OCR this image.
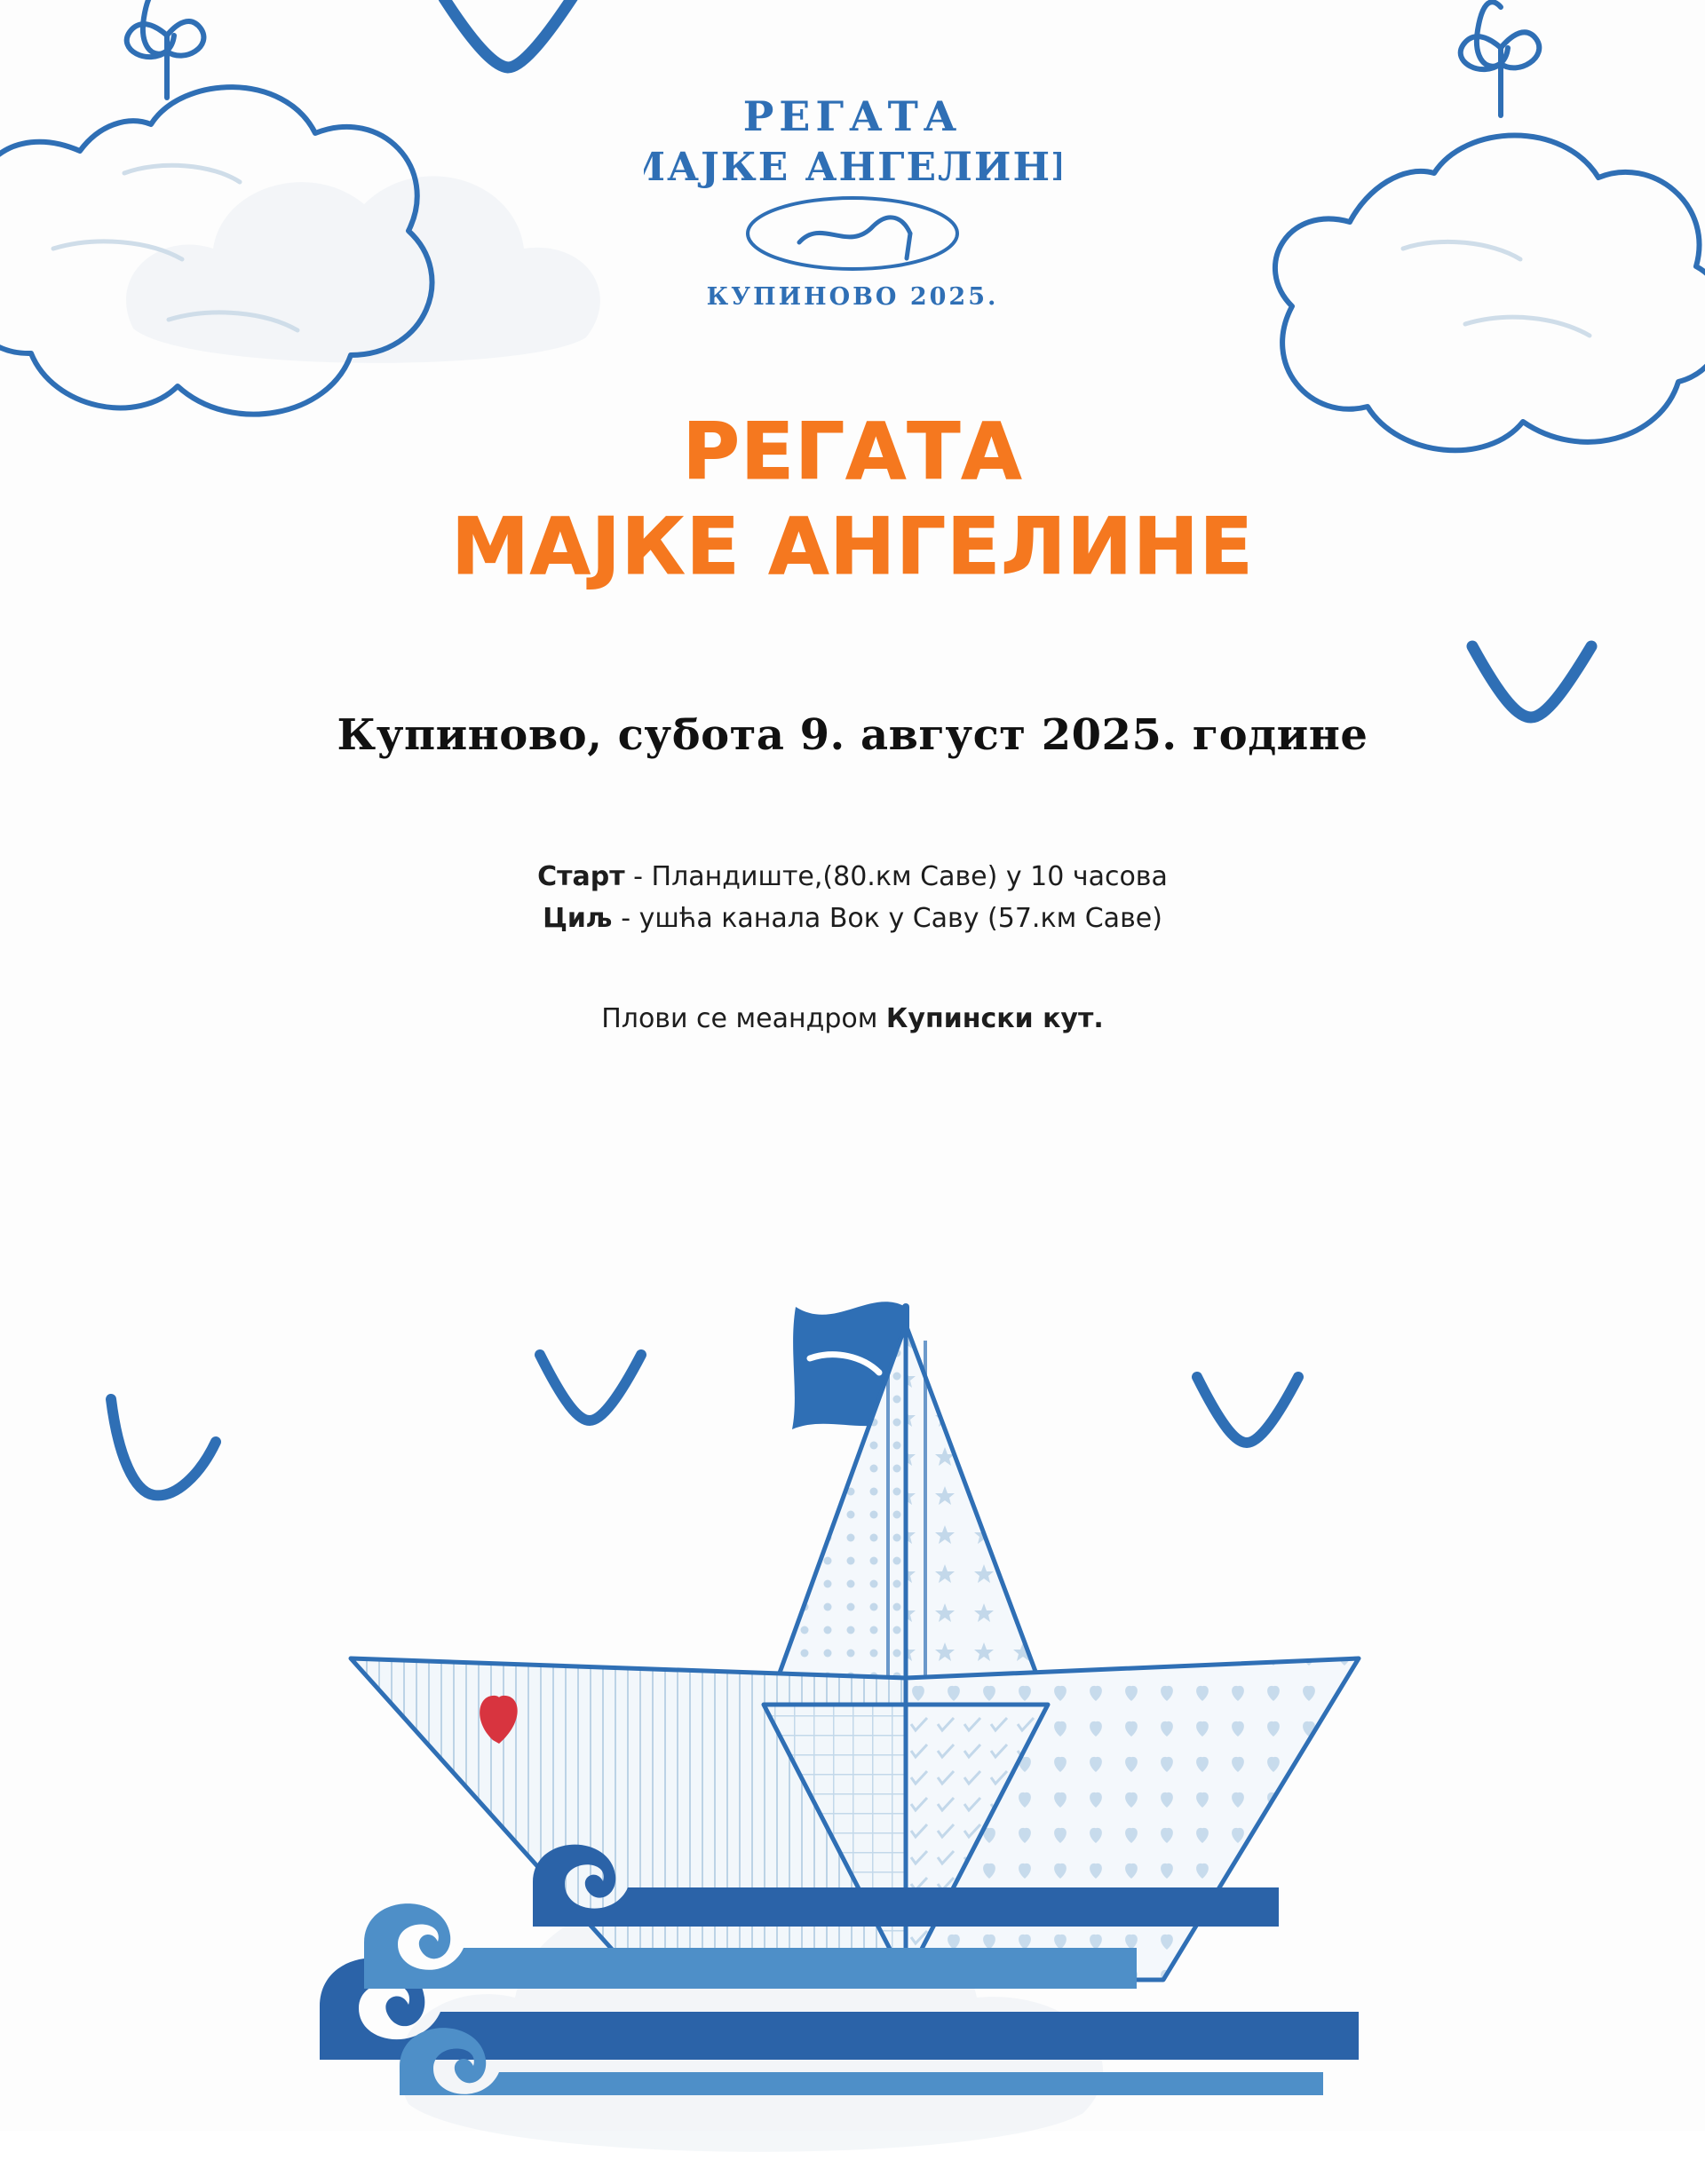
РЕГАТА
МАЈКЕ АНГЕЛИНЕ
КУПИНОВО 2025.
РЕГАТА
МАЈКЕ АНГЕЛИНЕ
Купиново, субота 9. август 2025. године
Старт - Пландиште,(80.км Саве) у 10 часова
Циљ - ушћа канала Вок у Саву (57.км Саве)
Плови се меандром Купински кут.
